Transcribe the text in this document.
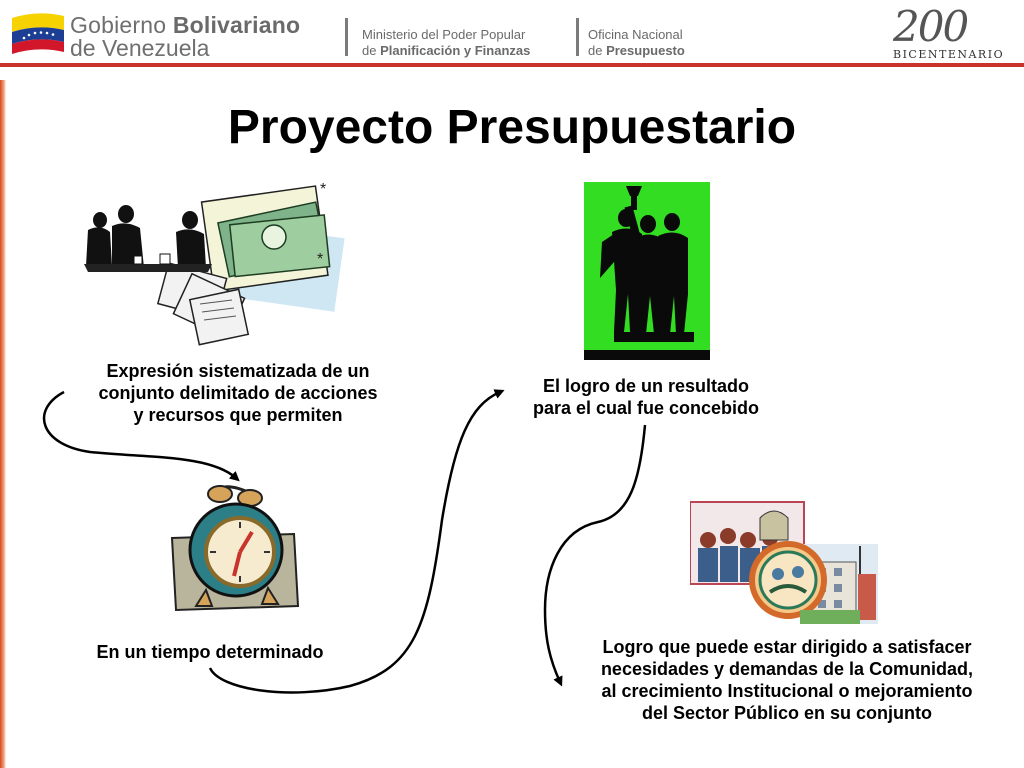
Gobierno Bolivariano
de Venezuela
Ministerio del Poder Popular
de Planificación y Finanzas
Oficina Nacional
de Presupuesto	200
BICENTENARIO
Proyecto Presupuestario
*
*
Expresión sistematizada de un
conjunto delimitado de acciones
y recursos que permiten
El logro de un resultado
para el cual fue concebido
En un tiempo determinado	Logro que puede estar dirigido a satisfacer
necesidades y demandas de la Comunidad,
al crecimiento Institucional o mejoramiento
del Sector Público en su conjunto
